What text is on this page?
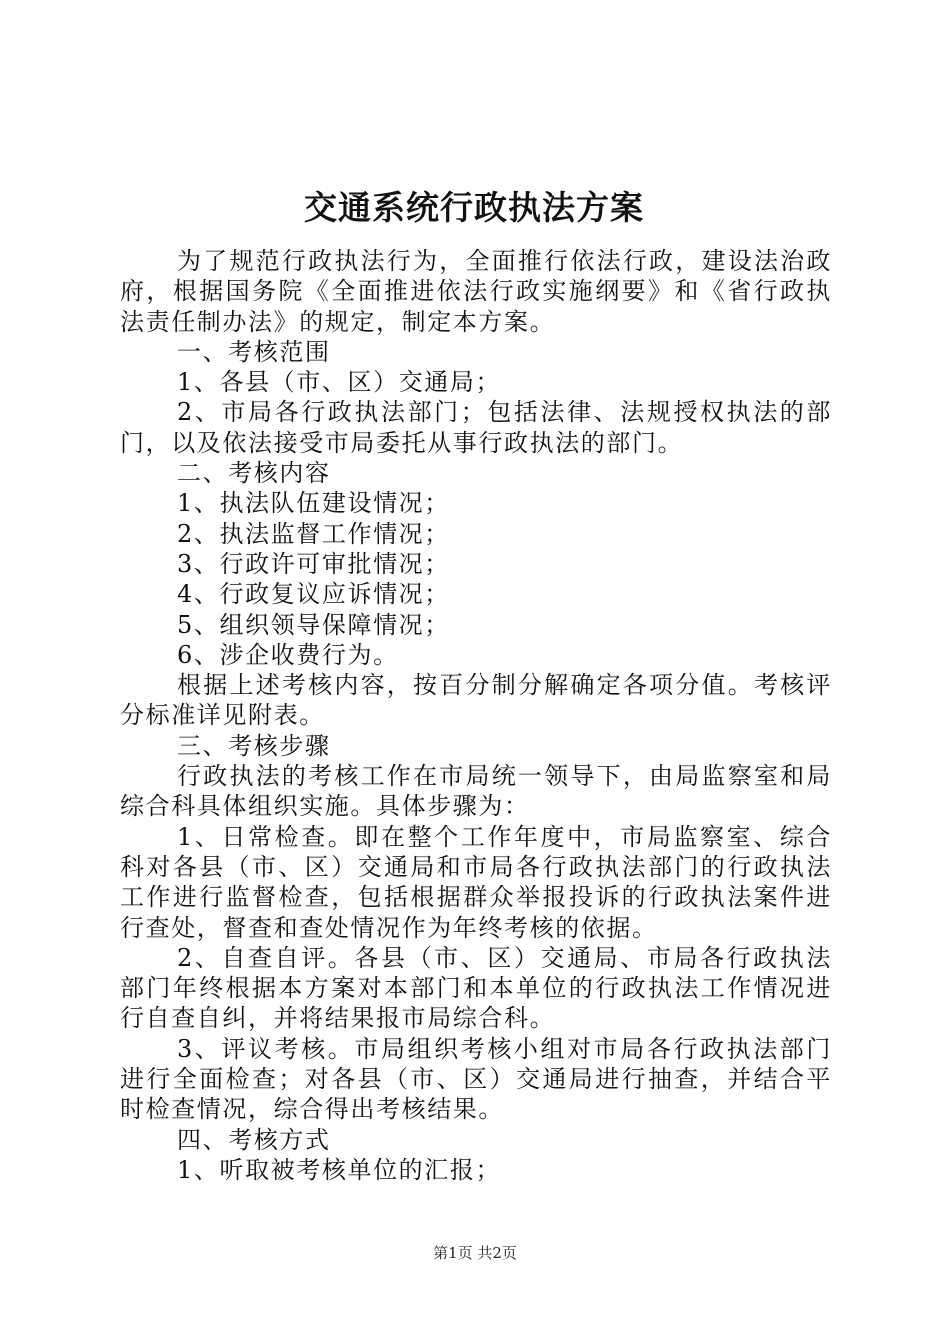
交通系统行政执法方案

为了规范行政执法行为，全面推行依法行政，建设法治政府，根据国务院《全面推进依法行政实施纲要》和《省行政执法责任制办法》的规定，制定本方案。

一、考核范围

1、各县（市、区）交通局；

2、市局各行政执法部门；包括法律、法规授权执法的部门，以及依法接受市局委托从事行政执法的部门。

二、考核内容

1、执法队伍建设情况；

2、执法监督工作情况；

3、行政许可审批情况；

4、行政复议应诉情况；

5、组织领导保障情况；

6、涉企收费行为。

根据上述考核内容，按百分制分解确定各项分值。考核评分标准详见附表。

三、考核步骤

行政执法的考核工作在市局统一领导下，由局监察室和局综合科具体组织实施。具体步骤为：

1、日常检查。即在整个工作年度中，市局监察室、综合科对各县（市、区）交通局和市局各行政执法部门的行政执法工作进行监督检查，包括根据群众举报投诉的行政执法案件进行查处，督查和查处情况作为年终考核的依据。

2、自查自评。各县（市、区）交通局、市局各行政执法部门年终根据本方案对本部门和本单位的行政执法工作情况进行自查自纠，并将结果报市局综合科。

3、评议考核。市局组织考核小组对市局各行政执法部门进行全面检查；对各县（市、区）交通局进行抽查，并结合平时检查情况，综合得出考核结果。

四、考核方式

1、听取被考核单位的汇报；

第1页 共2页
